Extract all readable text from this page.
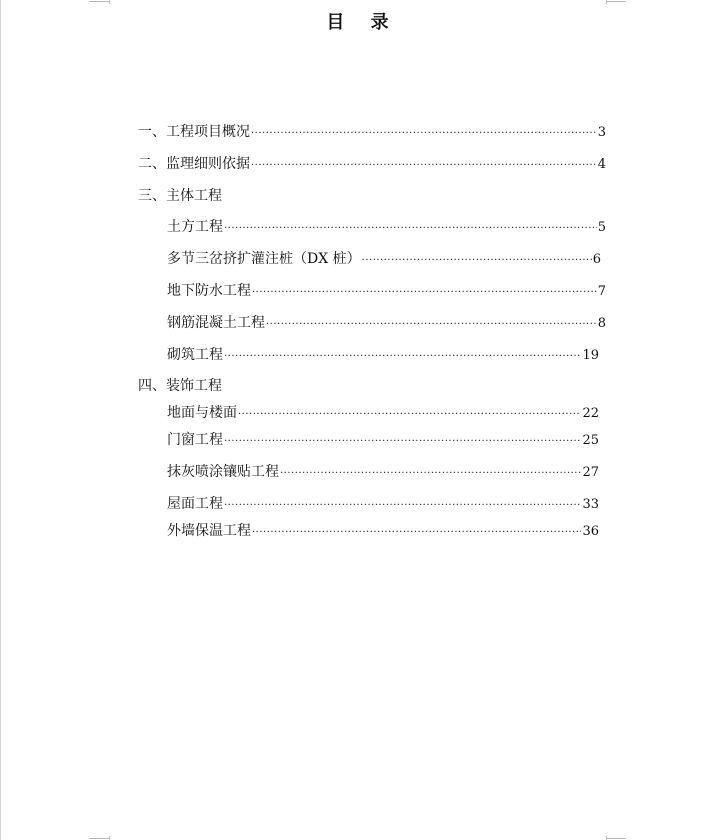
目 录
一、工程项目概况 ·····	3
二、监理细则依据 ·····	4
三、主体工程
土方工程 ·····	5
多节三岔挤扩灌注桩（DX 桩） ·····	6
地下防水工程 ·····	7
钢筋混凝土工程 ·····	8
砌筑工程 ·····	19
四、装饰工程
地面与楼面 ·····	22
门窗工程 ·····	25
抹灰喷涂镶贴工程 ·····	27
屋面工程 ·····	33
外墙保温工程 ·····	36
